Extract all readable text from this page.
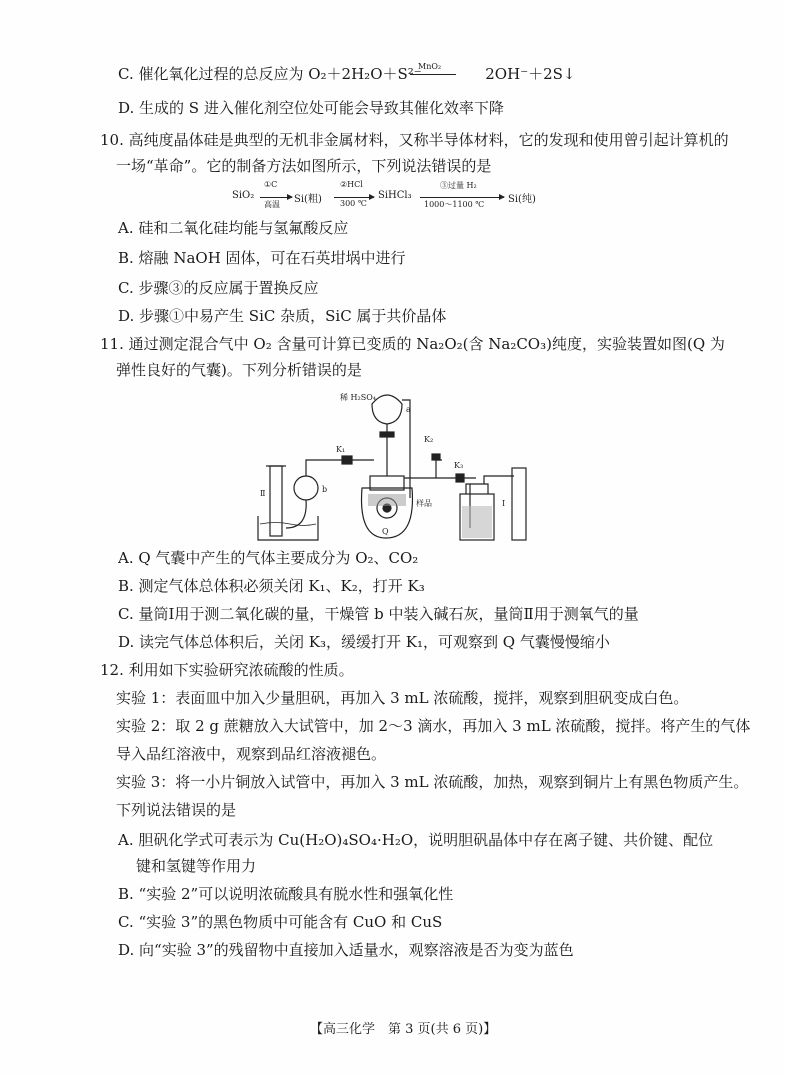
C. 催化氧化过程的总反应为 O₂＋2H₂O＋S²⁻	2OH⁻＋2S↓
MnO₂
D. 生成的 S 进入催化剂空位处可能会导致其催化效率下降
10. 高纯度晶体硅是典型的无机非金属材料，又称半导体材料，它的发现和使用曾引起计算机的
一场“革命”。它的制备方法如图所示，下列说法错误的是
SiO₂
①C
高温 Si(粗)
②HCl
300 ℃
SiHCl₃
③过量 H₂
1000～1100 ℃ Si(纯)
A. 硅和二氧化硅均能与氢氟酸反应
B. 熔融 NaOH 固体，可在石英坩埚中进行
C. 步骤③的反应属于置换反应
D. 步骤①中易产生 SiC 杂质，SiC 属于共价晶体
11. 通过测定混合气中 O₂ 含量可计算已变质的 Na₂O₂(含 Na₂CO₃)纯度，实验装置如图(Q 为
弹性良好的气囊)。下列分析错误的是
稀 H₂SO₄
a
K₁
K₂
K₃
b
样品
Q
Ⅱ
Ⅰ
A. Q 气囊中产生的气体主要成分为 O₂、CO₂
B. 测定气体总体积必须关闭 K₁、K₂，打开 K₃
C. 量筒Ⅰ用于测二氧化碳的量，干燥管 b 中装入碱石灰，量筒Ⅱ用于测氧气的量
D. 读完气体总体积后，关闭 K₃，缓缓打开 K₁，可观察到 Q 气囊慢慢缩小
12. 利用如下实验研究浓硫酸的性质。
实验 1：表面皿中加入少量胆矾，再加入 3 mL 浓硫酸，搅拌，观察到胆矾变成白色。
实验 2：取 2 g 蔗糖放入大试管中，加 2～3 滴水，再加入 3 mL 浓硫酸，搅拌。将产生的气体
导入品红溶液中，观察到品红溶液褪色。
实验 3：将一小片铜放入试管中，再加入 3 mL 浓硫酸，加热，观察到铜片上有黑色物质产生。
下列说法错误的是
A. 胆矾化学式可表示为 Cu(H₂O)₄SO₄·H₂O，说明胆矾晶体中存在离子键、共价键、配位
键和氢键等作用力
B. “实验 2”可以说明浓硫酸具有脱水性和强氧化性
C. “实验 3”的黑色物质中可能含有 CuO 和 CuS
D. 向“实验 3”的残留物中直接加入适量水，观察溶液是否为变为蓝色
【高三化学　第 3 页(共 6 页)】
